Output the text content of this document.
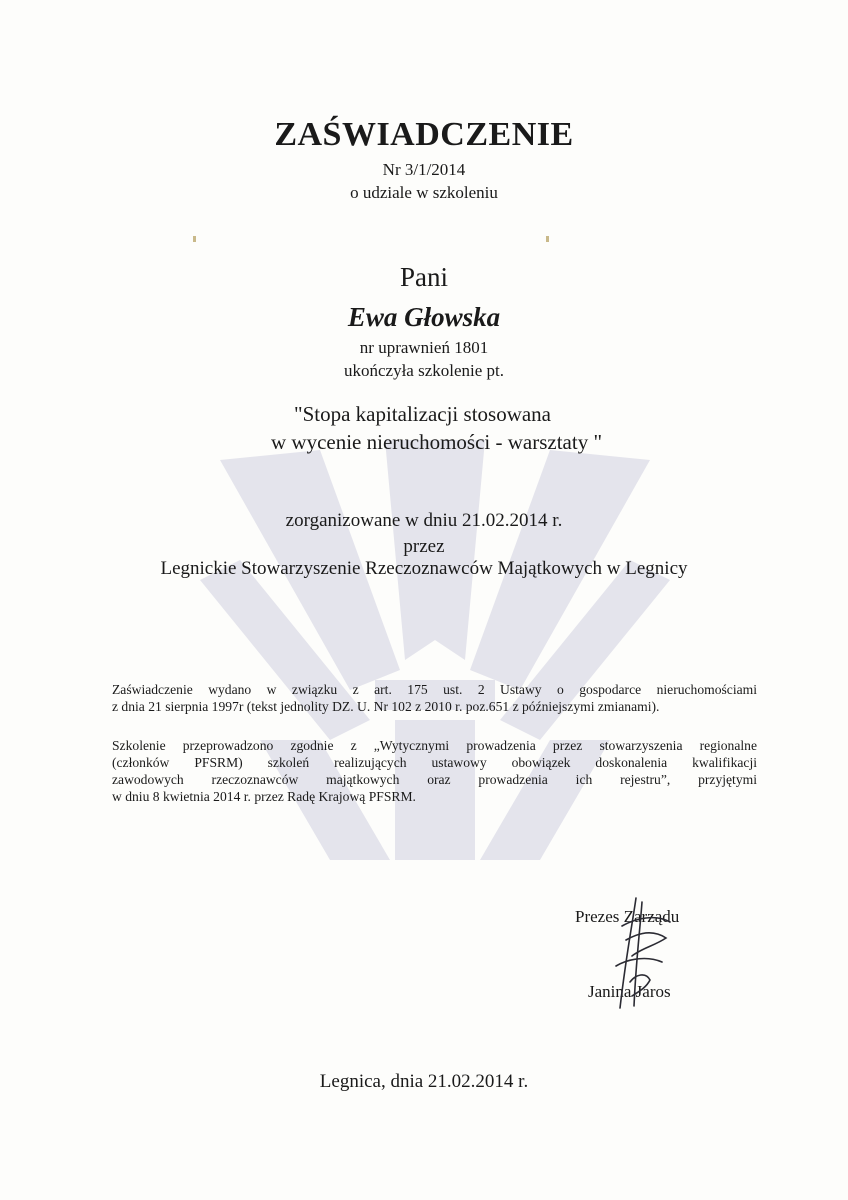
ZAŚWIADCZENIE
Nr 3/1/2014
o udziale w szkoleniu
Pani
Ewa Głowska
nr uprawnień 1801
ukończyła szkolenie pt.
"Stopa kapitalizacji stosowana
w wycenie nieruchomości - warsztaty "
zorganizowane w dniu 21.02.2014 r.
przez
Legnickie Stowarzyszenie Rzeczoznawców Majątkowych w Legnicy
Zaświadczenie wydano w związku z art. 175 ust. 2 Ustawy o gospodarce nieruchomościami
z dnia 21 sierpnia 1997r (tekst jednolity DZ. U. Nr 102 z 2010 r. poz.651 z późniejszymi zmianami).
Szkolenie przeprowadzono zgodnie z „Wytycznymi prowadzenia przez stowarzyszenia regionalne
(członków PFSRM) szkoleń realizujących ustawowy obowiązek doskonalenia kwalifikacji
zawodowych rzeczoznawców majątkowych oraz prowadzenia ich rejestru”, przyjętymi
w dniu 8 kwietnia 2014 r. przez Radę Krajową PFSRM.
Prezes Zarządu
Janina Jaros
Legnica, dnia 21.02.2014 r.
